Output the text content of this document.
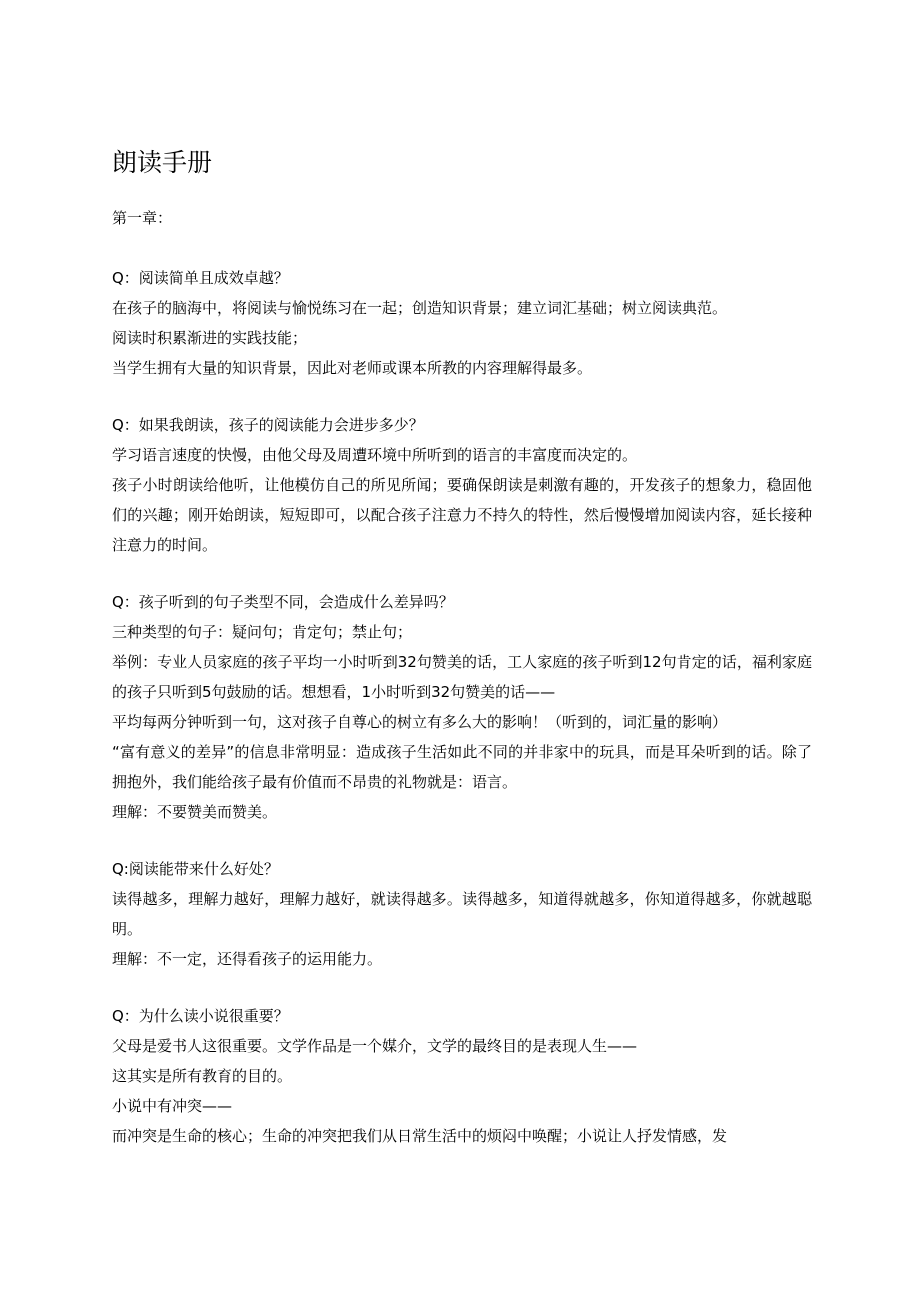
朗读手册
第一章：

Q：阅读简单且成效卓越？

在孩子的脑海中，将阅读与愉悦练习在一起；创造知识背景；建立词汇基础；树立阅读典范。

阅读时积累渐进的实践技能；

当学生拥有大量的知识背景，因此对老师或课本所教的内容理解得最多。

Q：如果我朗读，孩子的阅读能力会进步多少？

学习语言速度的快慢，由他父母及周遭环境中所听到的语言的丰富度而决定的。

孩子小时朗读给他听，让他模仿自己的所见所闻；要确保朗读是刺激有趣的，开发孩子的想象力，稳固他们的兴趣；刚开始朗读，短短即可，以配合孩子注意力不持久的特性，然后慢慢增加阅读内容，延长接种注意力的时间。

Q：孩子听到的句子类型不同，会造成什么差异吗？

三种类型的句子：疑问句；肯定句；禁止句；

举例：专业人员家庭的孩子平均一小时听到32句赞美的话，工人家庭的孩子听到12句肯定的话，福利家庭的孩子只听到5句鼓励的话。想想看，1小时听到32句赞美的话——

平均每两分钟听到一句，这对孩子自尊心的树立有多么大的影响！（听到的，词汇量的影响）

“富有意义的差异”的信息非常明显：造成孩子生活如此不同的并非家中的玩具，而是耳朵听到的话。除了拥抱外，我们能给孩子最有价值而不昂贵的礼物就是：语言。

理解：不要赞美而赞美。

Q:阅读能带来什么好处？

读得越多，理解力越好，理解力越好，就读得越多。读得越多，知道得就越多，你知道得越多，你就越聪明。

理解：不一定，还得看孩子的运用能力。

Q：为什么读小说很重要？

父母是爱书人这很重要。文学作品是一个媒介，文学的最终目的是表现人生——

这其实是所有教育的目的。

小说中有冲突——

而冲突是生命的核心；生命的冲突把我们从日常生活中的烦闷中唤醒；小说让人抒发情感，发
